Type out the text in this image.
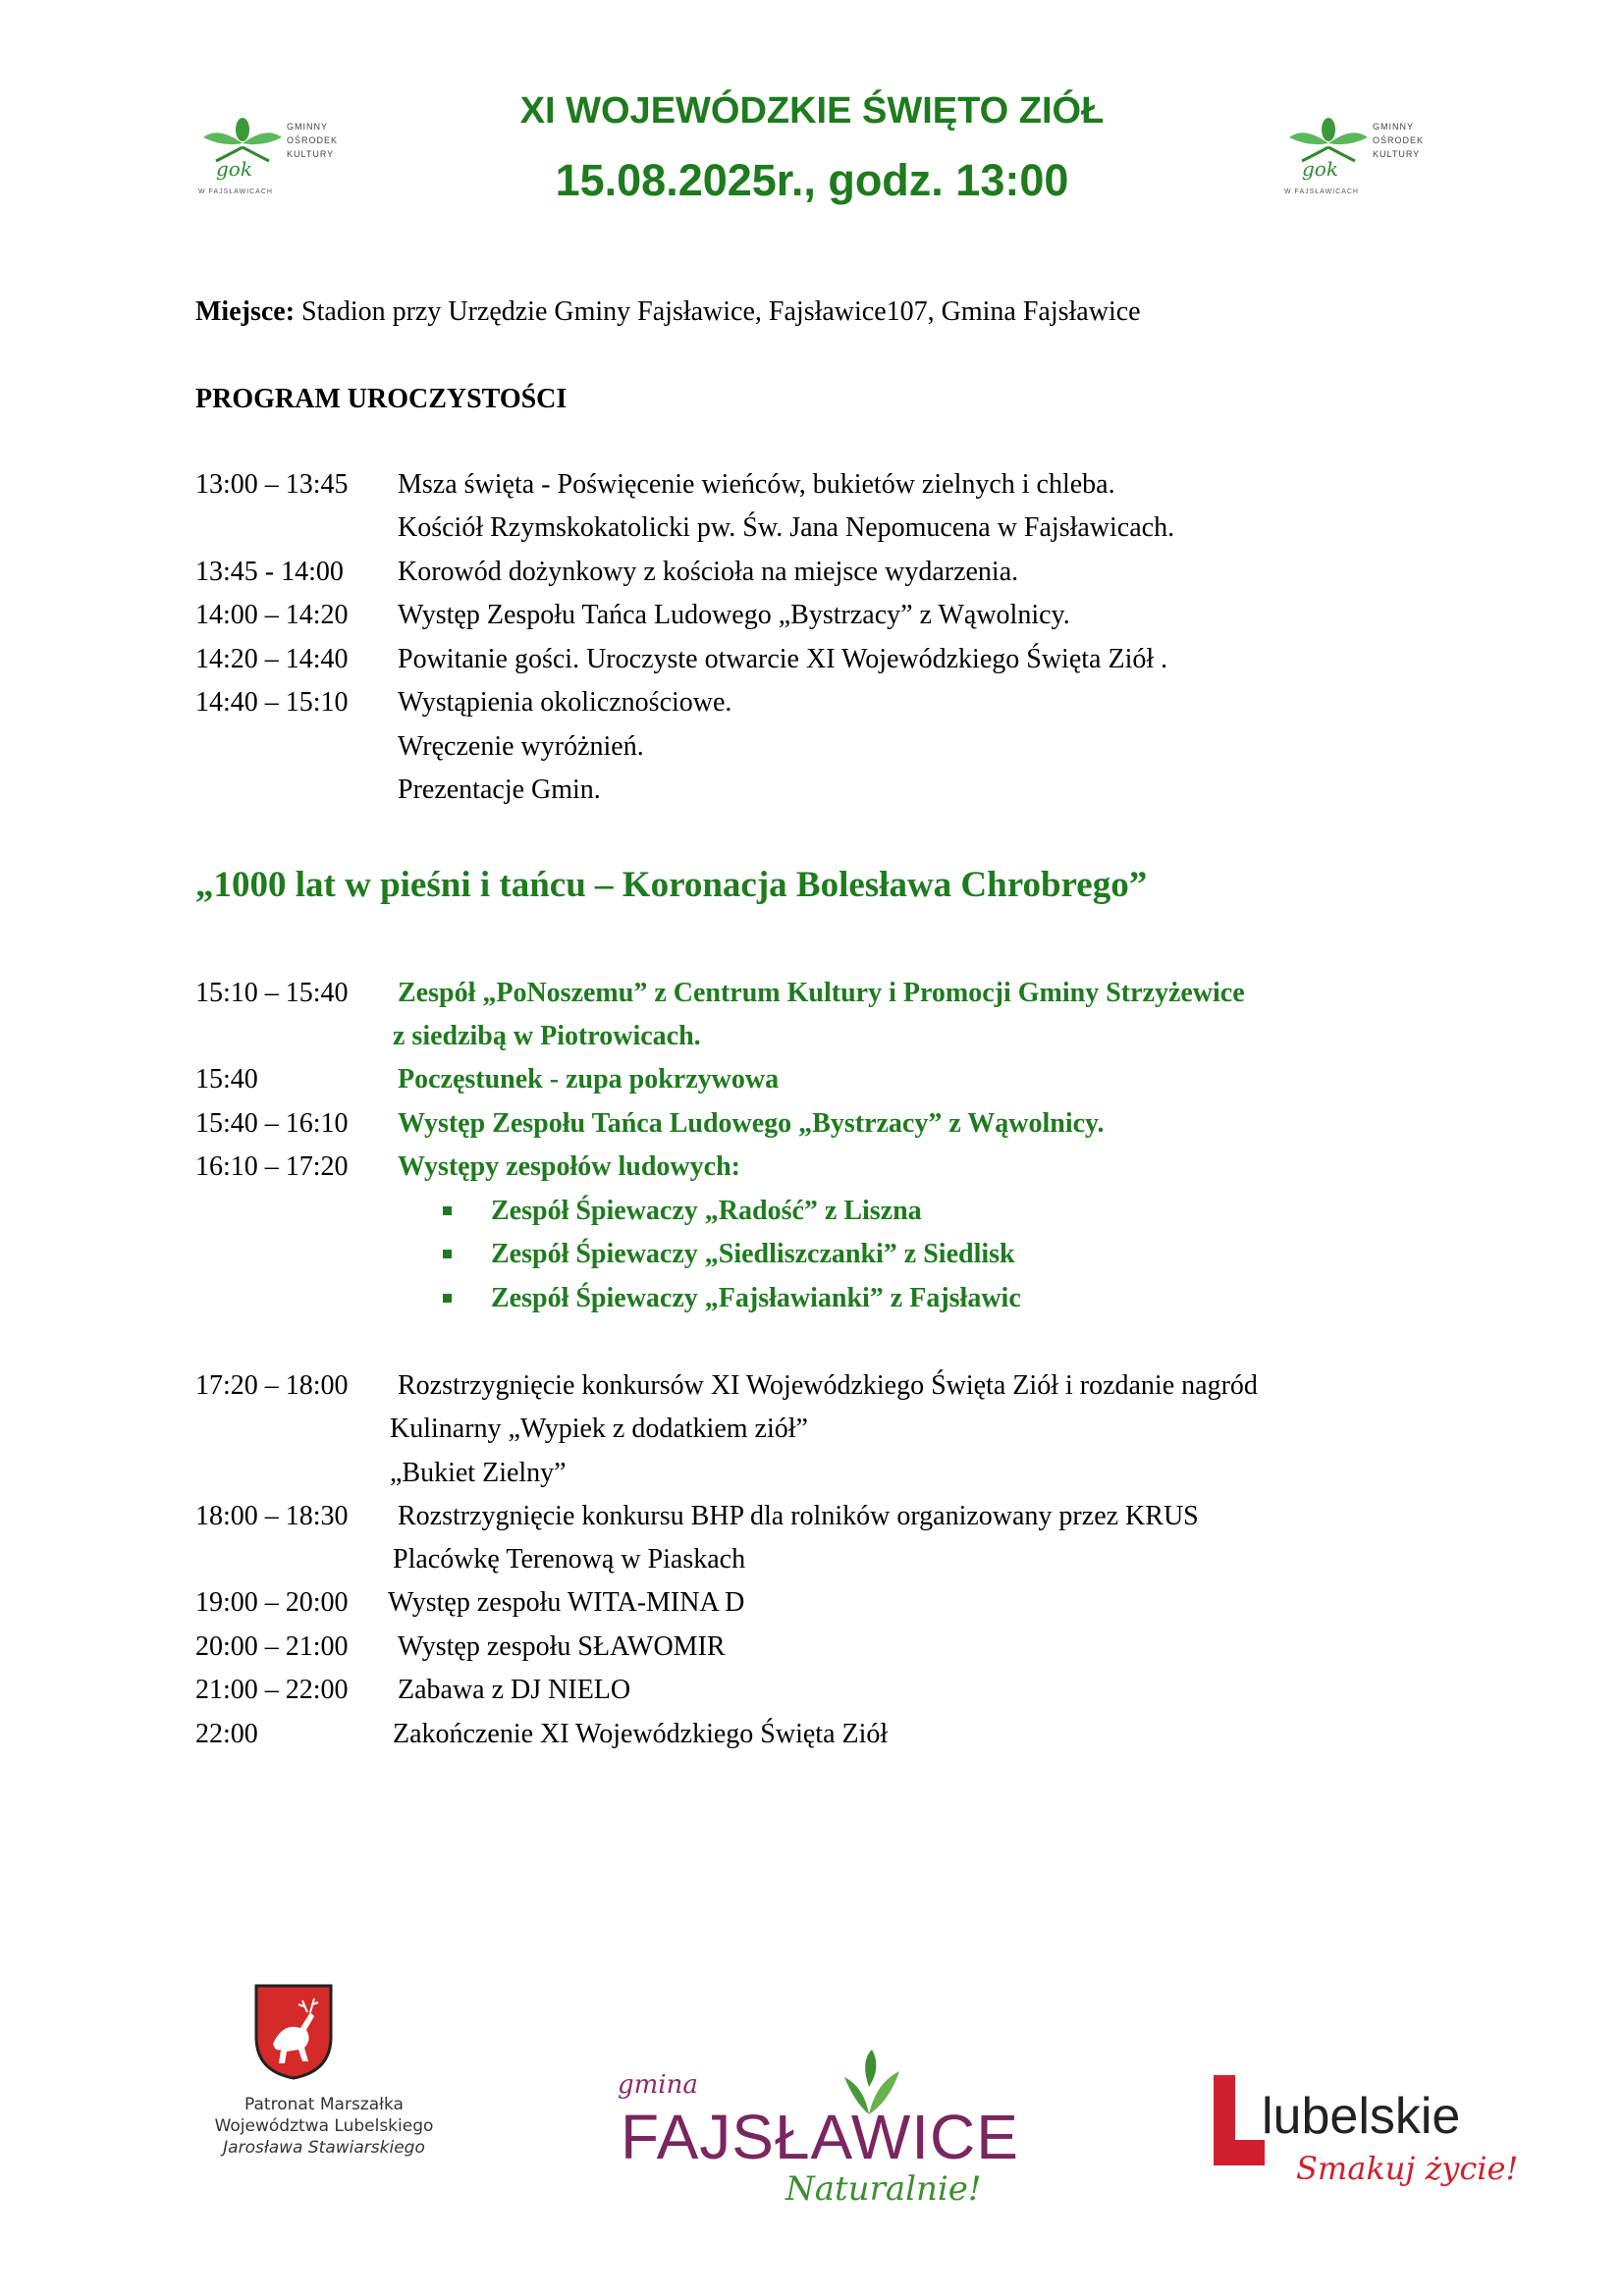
XI WOJEWÓDZKIE ŚWIĘTO ZIÓŁ
15.08.2025r., godz. 13:00
gok
GMINNY
OŚRODEK
KULTURY
W FAJSŁAWICACH
gok
GMINNY
OŚRODEK
KULTURY
W FAJSŁAWICACH
Miejsce: Stadion przy Urzędzie Gminy Fajsławice, Fajsławice107, Gmina Fajsławice
PROGRAM UROCZYSTOŚCI
13:00 – 13:45 Msza święta - Poświęcenie wieńców, bukietów zielnych i chleba.
Kościół Rzymskokatolicki pw. Św. Jana Nepomucena w Fajsławicach.
13:45 - 14:00 Korowód dożynkowy z kościoła na miejsce wydarzenia.
14:00 – 14:20 Występ Zespołu Tańca Ludowego „Bystrzacy” z Wąwolnicy.
14:20 – 14:40 Powitanie gości. Uroczyste otwarcie XI Wojewódzkiego Święta Ziół .
14:40 – 15:10 Wystąpienia okolicznościowe.
Wręczenie wyróżnień.
Prezentacje Gmin.
„1000 lat w pieśni i tańcu – Koronacja Bolesława Chrobrego”
15:10 – 15:40 Zespół „PoNoszemu” z Centrum Kultury i Promocji Gminy Strzyżewice
z siedzibą w Piotrowicach.
15:40	Poczęstunek - zupa pokrzywowa
15:40 – 16:10 Występ Zespołu Tańca Ludowego „Bystrzacy” z Wąwolnicy.
16:10 – 17:20 Występy zespołów ludowych:
Zespół Śpiewaczy „Radość” z Liszna
Zespół Śpiewaczy „Siedliszczanki” z Siedlisk
Zespół Śpiewaczy „Fajsławianki” z Fajsławic
17:20 – 18:00 Rozstrzygnięcie konkursów XI Wojewódzkiego Święta Ziół i rozdanie nagród
Kulinarny „Wypiek z dodatkiem ziół”
„Bukiet Zielny”
18:00 – 18:30 Rozstrzygnięcie konkursu BHP dla rolników organizowany przez KRUS
Placówkę Terenową w Piaskach
19:00 – 20:00 Występ zespołu WITA-MINA D
20:00 – 21:00 Występ zespołu SŁAWOMIR
21:00 – 22:00 Zabawa z DJ NIELO
22:00	Zakończenie XI Wojewódzkiego Święta Ziół
Patronat Marszałka
Województwa Lubelskiego
Jarosława Stawiarskiego
gmina
FAJSŁAWICE
Naturalnie!
lubelskie
Smakuj życie!
